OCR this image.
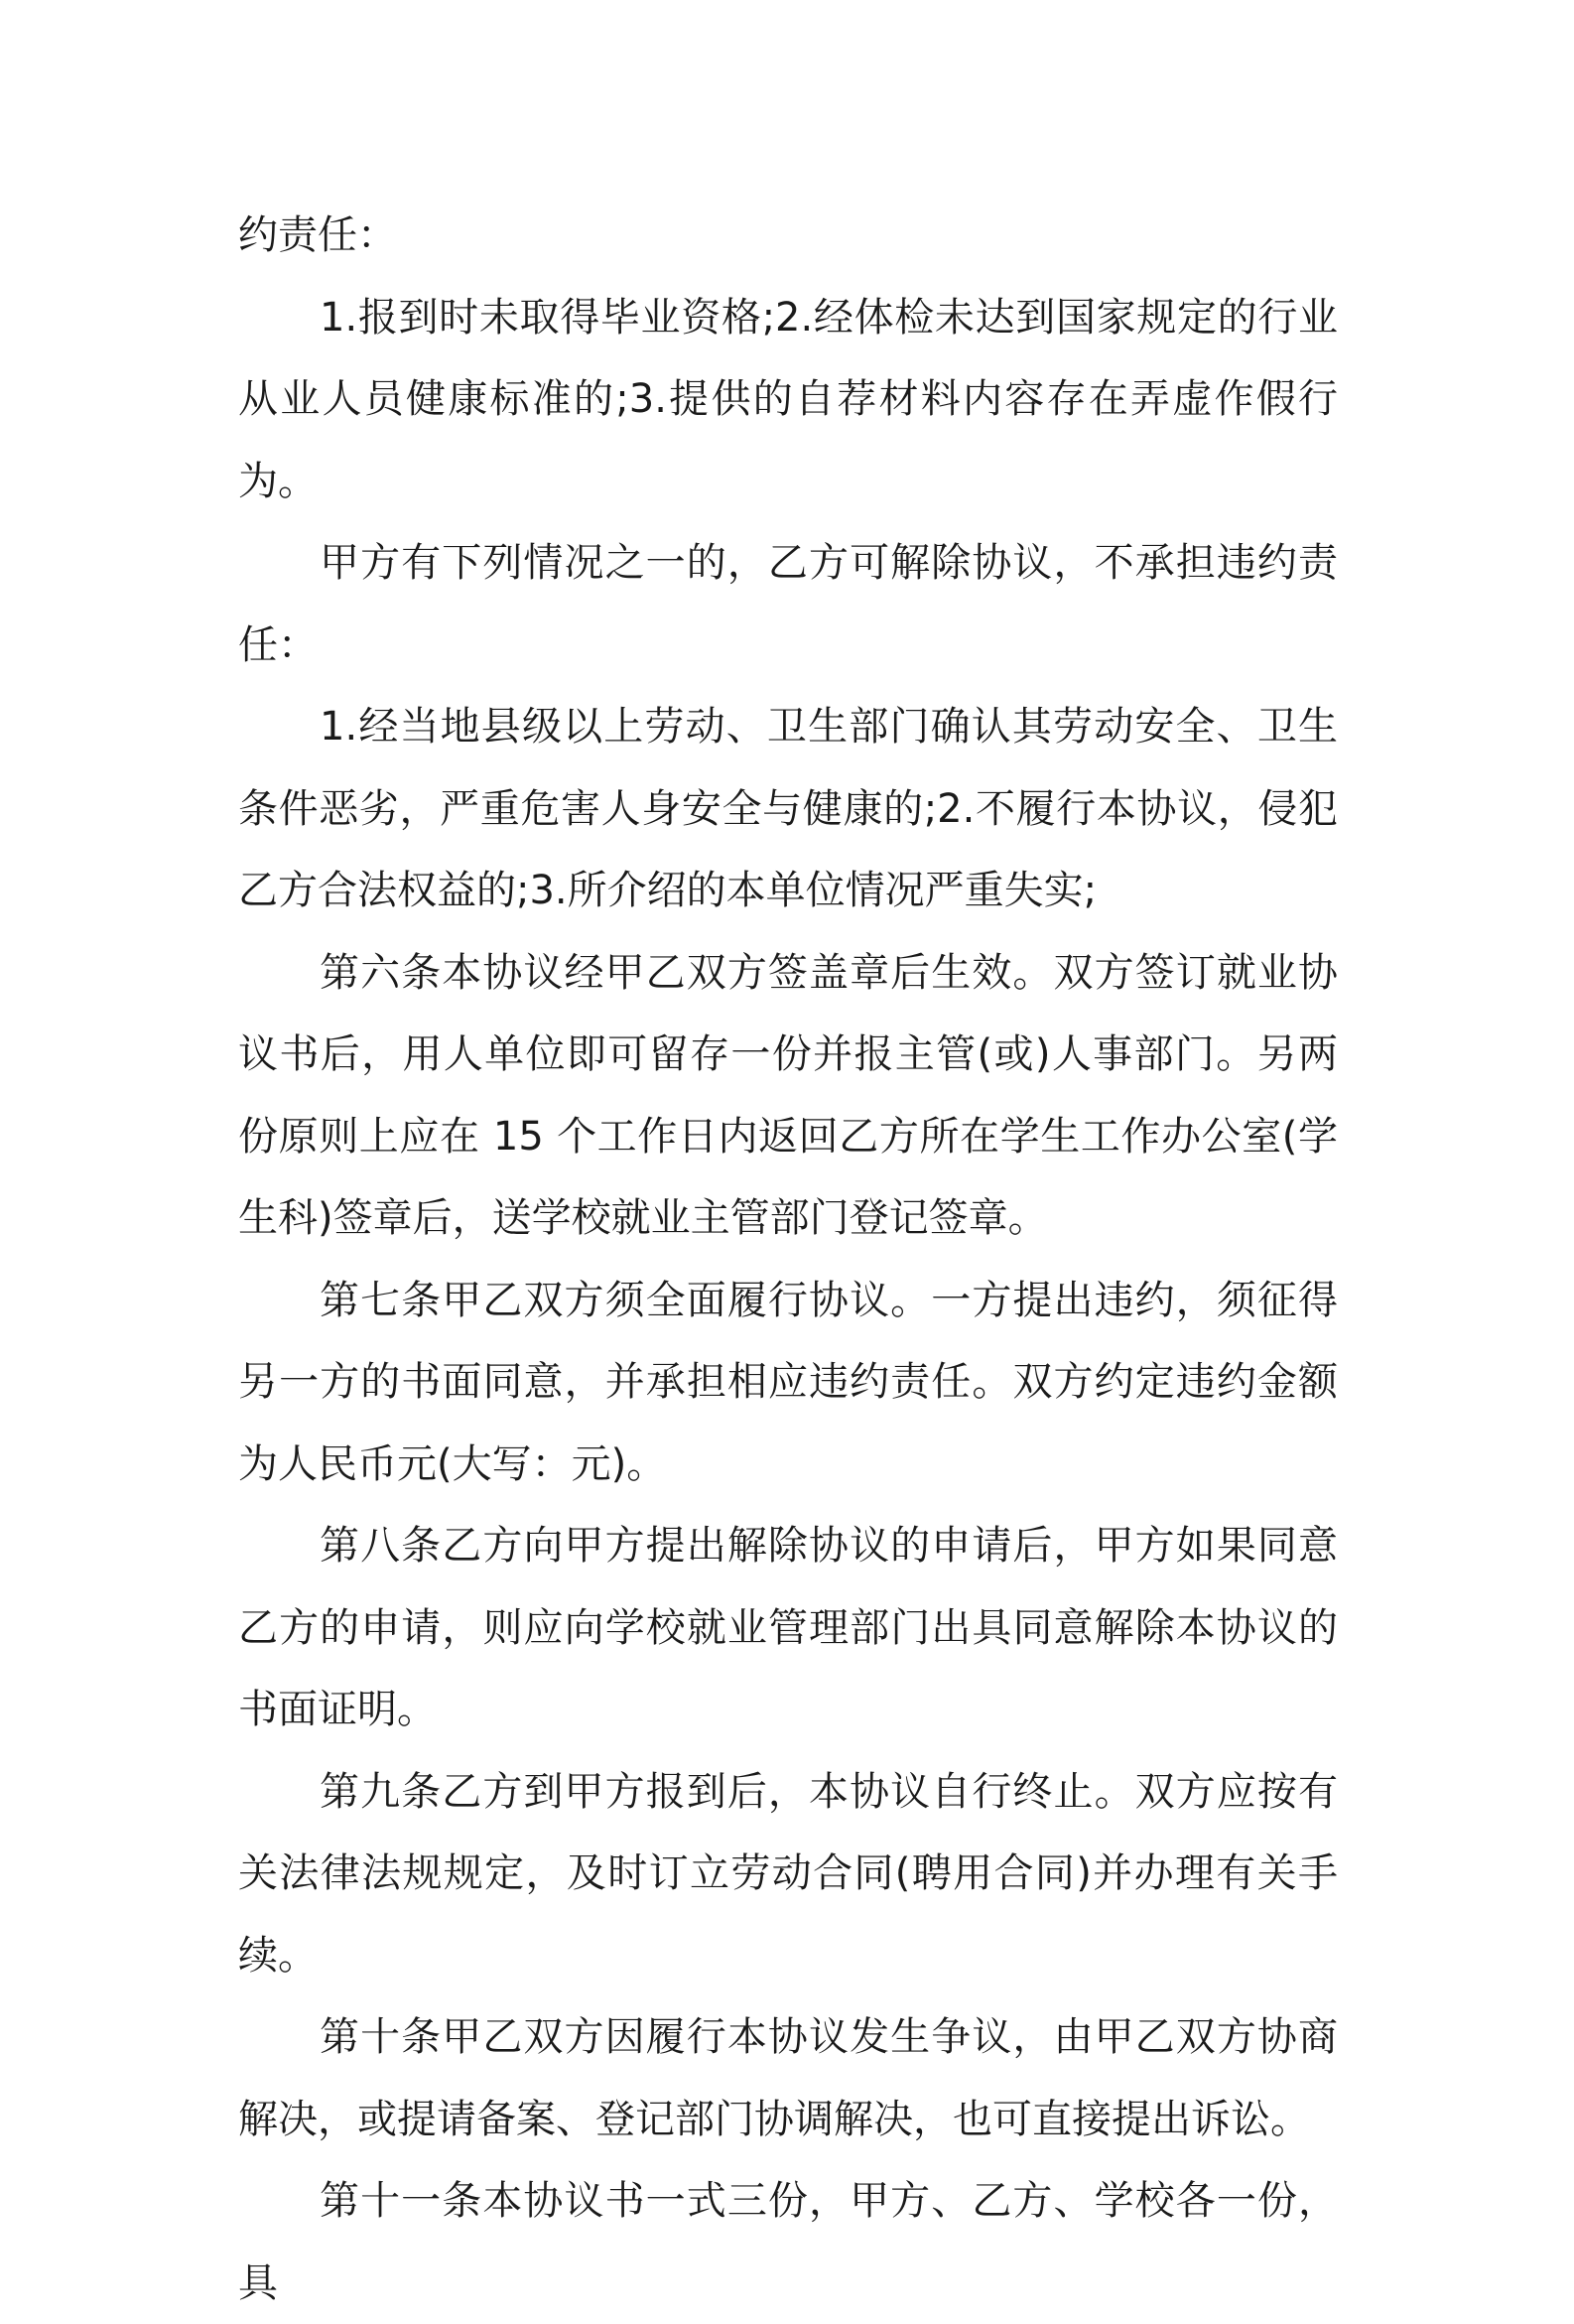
约责任：

1.报到时未取得毕业资格;2.经体检未达到国家规定的行业从业人员健康标准的;3.提供的自荐材料内容存在弄虚作假行为。

甲方有下列情况之一的，乙方可解除协议，不承担违约责任：

1.经当地县级以上劳动、卫生部门确认其劳动安全、卫生条件恶劣，严重危害人身安全与健康的;2.不履行本协议，侵犯乙方合法权益的;3.所介绍的本单位情况严重失实;

第六条本协议经甲乙双方签盖章后生效。双方签订就业协议书后，用人单位即可留存一份并报主管(或)人事部门。另两份原则上应在 15 个工作日内返回乙方所在学生工作办公室(学生科)签章后，送学校就业主管部门登记签章。

第七条甲乙双方须全面履行协议。一方提出违约，须征得另一方的书面同意，并承担相应违约责任。双方约定违约金额为人民币元(大写：元)。

第八条乙方向甲方提出解除协议的申请后，甲方如果同意乙方的申请，则应向学校就业管理部门出具同意解除本协议的书面证明。

第九条乙方到甲方报到后，本协议自行终止。双方应按有关法律法规规定，及时订立劳动合同(聘用合同)并办理有关手续。

第十条甲乙双方因履行本协议发生争议，由甲乙双方协商解决，或提请备案、登记部门协调解决，也可直接提出诉讼。

第十一条本协议书一式三份，甲方、乙方、学校各一份，具
